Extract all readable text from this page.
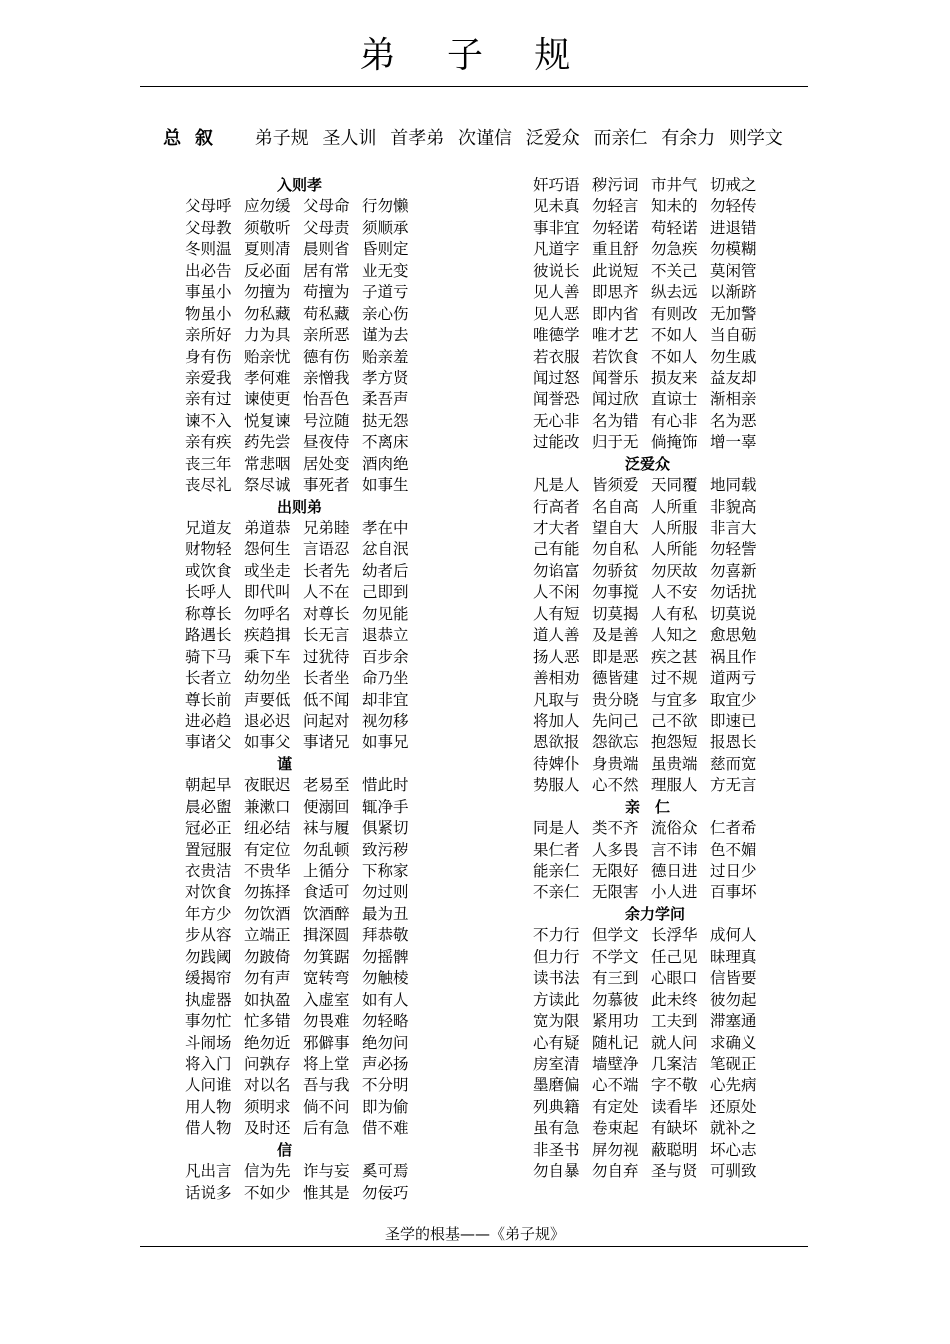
弟 子 规
总叙 弟子规 圣人训 首孝弟 次谨信 泛爱众 而亲仁 有余力 则学文
入则孝
父母呼 应勿缓 父母命 行勿懒
父母教 须敬听 父母责 须顺承
冬则温 夏则凊 晨则省 昏则定
出必告 反必面 居有常 业无变
事虽小 勿擅为 苟擅为 子道亏
物虽小 勿私藏 苟私藏 亲心伤
亲所好 力为具 亲所恶 谨为去
身有伤 贻亲忧 德有伤 贻亲羞
亲爱我 孝何难 亲憎我 孝方贤
亲有过 谏使更 怡吾色 柔吾声
谏不入 悦复谏 号泣随 挞无怨
亲有疾 药先尝 昼夜侍 不离床
丧三年 常悲咽 居处变 酒肉绝
丧尽礼 祭尽诚 事死者 如事生
出则弟
兄道友 弟道恭 兄弟睦 孝在中
财物轻 怨何生 言语忍 忿自泯
或饮食 或坐走 长者先 幼者后
长呼人 即代叫 人不在 己即到
称尊长 勿呼名 对尊长 勿见能
路遇长 疾趋揖 长无言 退恭立
骑下马 乘下车 过犹待 百步余
长者立 幼勿坐 长者坐 命乃坐
尊长前 声要低 低不闻 却非宜
进必趋 退必迟 问起对 视勿移
事诸父 如事父 事诸兄 如事兄
谨
朝起早 夜眠迟 老易至 惜此时
晨必盥 兼漱口 便溺回 辄净手
冠必正 纽必结 袜与履 俱紧切
置冠服 有定位 勿乱顿 致污秽
衣贵洁 不贵华 上循分 下称家
对饮食 勿拣择 食适可 勿过则
年方少 勿饮酒 饮酒醉 最为丑
步从容 立端正 揖深圆 拜恭敬
勿践阈 勿跛倚 勿箕踞 勿摇髀
缓揭帘 勿有声 宽转弯 勿触棱
执虚器 如执盈 入虚室 如有人
事勿忙 忙多错 勿畏难 勿轻略
斗闹场 绝勿近 邪僻事 绝勿问
将入门 问孰存 将上堂 声必扬
人问谁 对以名 吾与我 不分明
用人物 须明求 倘不问 即为偷
借人物 及时还 后有急 借不难
信
凡出言 信为先 诈与妄 奚可焉
话说多 不如少 惟其是 勿佞巧
奸巧语 秽污词 市井气 切戒之
见未真 勿轻言 知未的 勿轻传
事非宜 勿轻诺 苟轻诺 进退错
凡道字 重且舒 勿急疾 勿模糊
彼说长 此说短 不关己 莫闲管
见人善 即思齐 纵去远 以渐跻
见人恶 即内省 有则改 无加警
唯德学 唯才艺 不如人 当自砺
若衣服 若饮食 不如人 勿生戚
闻过怒 闻誉乐 损友来 益友却
闻誉恐 闻过欣 直谅士 渐相亲
无心非 名为错 有心非 名为恶
过能改 归于无 倘掩饰 增一辜
泛爱众
凡是人 皆须爱 天同覆 地同载
行高者 名自高 人所重 非貌高
才大者 望自大 人所服 非言大
己有能 勿自私 人所能 勿轻訾
勿谄富 勿骄贫 勿厌故 勿喜新
人不闲 勿事搅 人不安 勿话扰
人有短 切莫揭 人有私 切莫说
道人善 及是善 人知之 愈思勉
扬人恶 即是恶 疾之甚 祸且作
善相劝 德皆建 过不规 道两亏
凡取与 贵分晓 与宜多 取宜少
将加人 先问己 己不欲 即速已
恩欲报 怨欲忘 抱怨短 报恩长
待婢仆 身贵端 虽贵端 慈而宽
势服人 心不然 理服人 方无言
亲　仁
同是人 类不齐 流俗众 仁者希
果仁者 人多畏 言不讳 色不媚
能亲仁 无限好 德日进 过日少
不亲仁 无限害 小人进 百事坏
余力学问
不力行 但学文 长浮华 成何人
但力行 不学文 任己见 昧理真
读书法 有三到 心眼口 信皆要
方读此 勿慕彼 此未终 彼勿起
宽为限 紧用功 工夫到 滞塞通
心有疑 随札记 就人问 求确义
房室清 墙壁净 几案洁 笔砚正
墨磨偏 心不端 字不敬 心先病
列典籍 有定处 读看毕 还原处
虽有急 卷束起 有缺坏 就补之
非圣书 屏勿视 蔽聪明 坏心志
勿自暴 勿自弃 圣与贤 可驯致
圣学的根基——《弟子规》
